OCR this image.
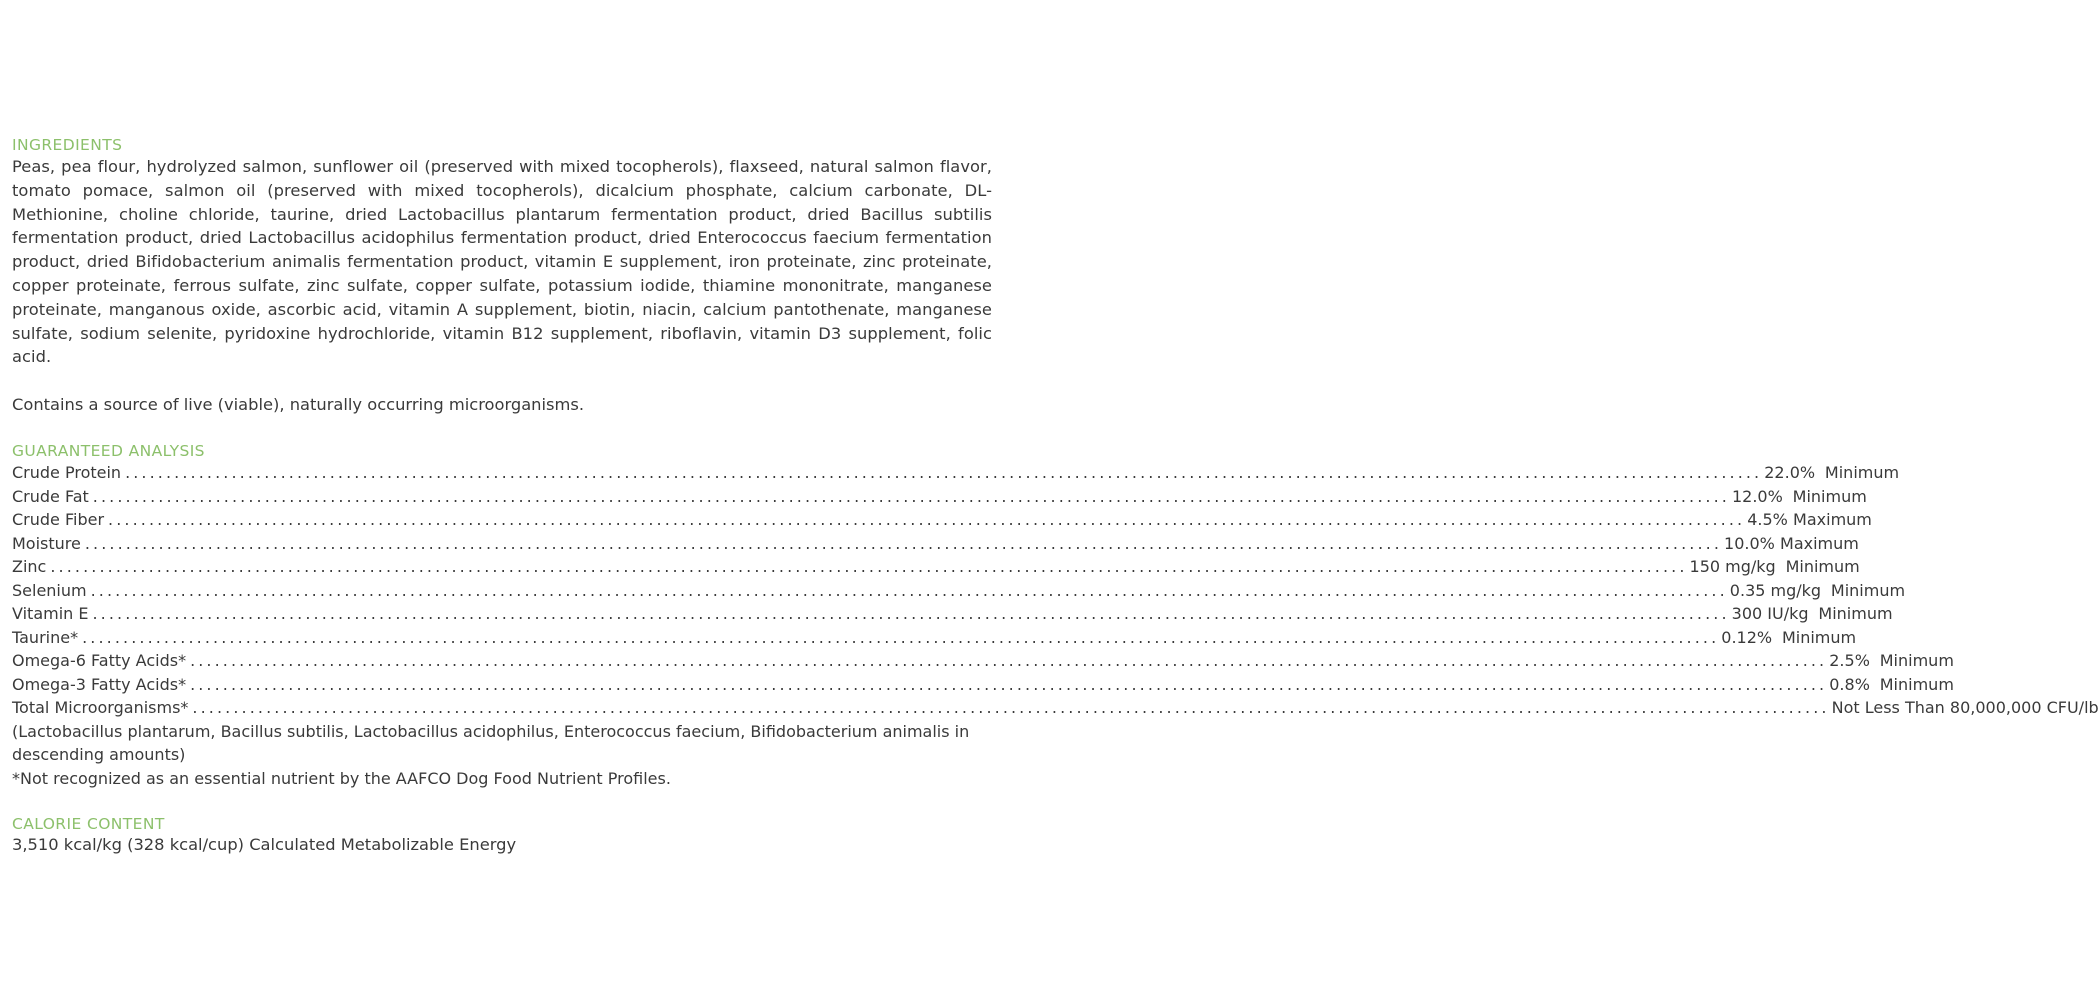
INGREDIENTS

Peas, pea flour, hydrolyzed salmon, sunflower oil (preserved with mixed tocopherols), flaxseed, natural salmon flavor, tomato pomace, salmon oil (preserved with mixed tocopherols), dicalcium phosphate, calcium carbonate, DL-Methionine, choline chloride, taurine, dried Lactobacillus plantarum fermentation product, dried Bacillus subtilis fermentation product, dried Lactobacillus acidophilus fermentation product, dried Enterococcus faecium fermentation product, dried Bifidobacterium animalis fermentation product, vitamin E supplement, iron proteinate, zinc proteinate, copper proteinate, ferrous sulfate, zinc sulfate, copper sulfate, potassium iodide, thiamine mononitrate, manganese proteinate, manganous oxide, ascorbic acid, vitamin A supplement, biotin, niacin, calcium pantothenate, manganese sulfate, sodium selenite, pyridoxine hydrochloride, vitamin B12 supplement, riboflavin, vitamin D3 supplement, folic acid.

Contains a source of live (viable), naturally occurring microorganisms.

GUARANTEED ANALYSIS
Crude Protein ........................................................................................................................................................................................................ 22.0% Minimum
Crude Fat ........................................................................................................................................................................................................ 12.0% Minimum
Crude Fiber ........................................................................................................................................................................................................ 4.5% Maximum
Moisture ........................................................................................................................................................................................................ 10.0% Maximum
Zinc ........................................................................................................................................................................................................ 150 mg/kg Minimum
Selenium ........................................................................................................................................................................................................ 0.35 mg/kg Minimum
Vitamin E ........................................................................................................................................................................................................ 300 IU/kg Minimum
Taurine* ........................................................................................................................................................................................................ 0.12% Minimum
Omega-6 Fatty Acids* ........................................................................................................................................................................................................ 2.5% Minimum
Omega-3 Fatty Acids* ........................................................................................................................................................................................................ 0.8% Minimum
Total Microorganisms* ........................................................................................................................................................................................................ Not Less Than 80,000,000 CFU/lb

(Lactobacillus plantarum, Bacillus subtilis, Lactobacillus acidophilus, Enterococcus faecium, Bifidobacterium animalis in descending amounts)

*Not recognized as an essential nutrient by the AAFCO Dog Food Nutrient Profiles.

CALORIE CONTENT

3,510 kcal/kg (328 kcal/cup) Calculated Metabolizable Energy
